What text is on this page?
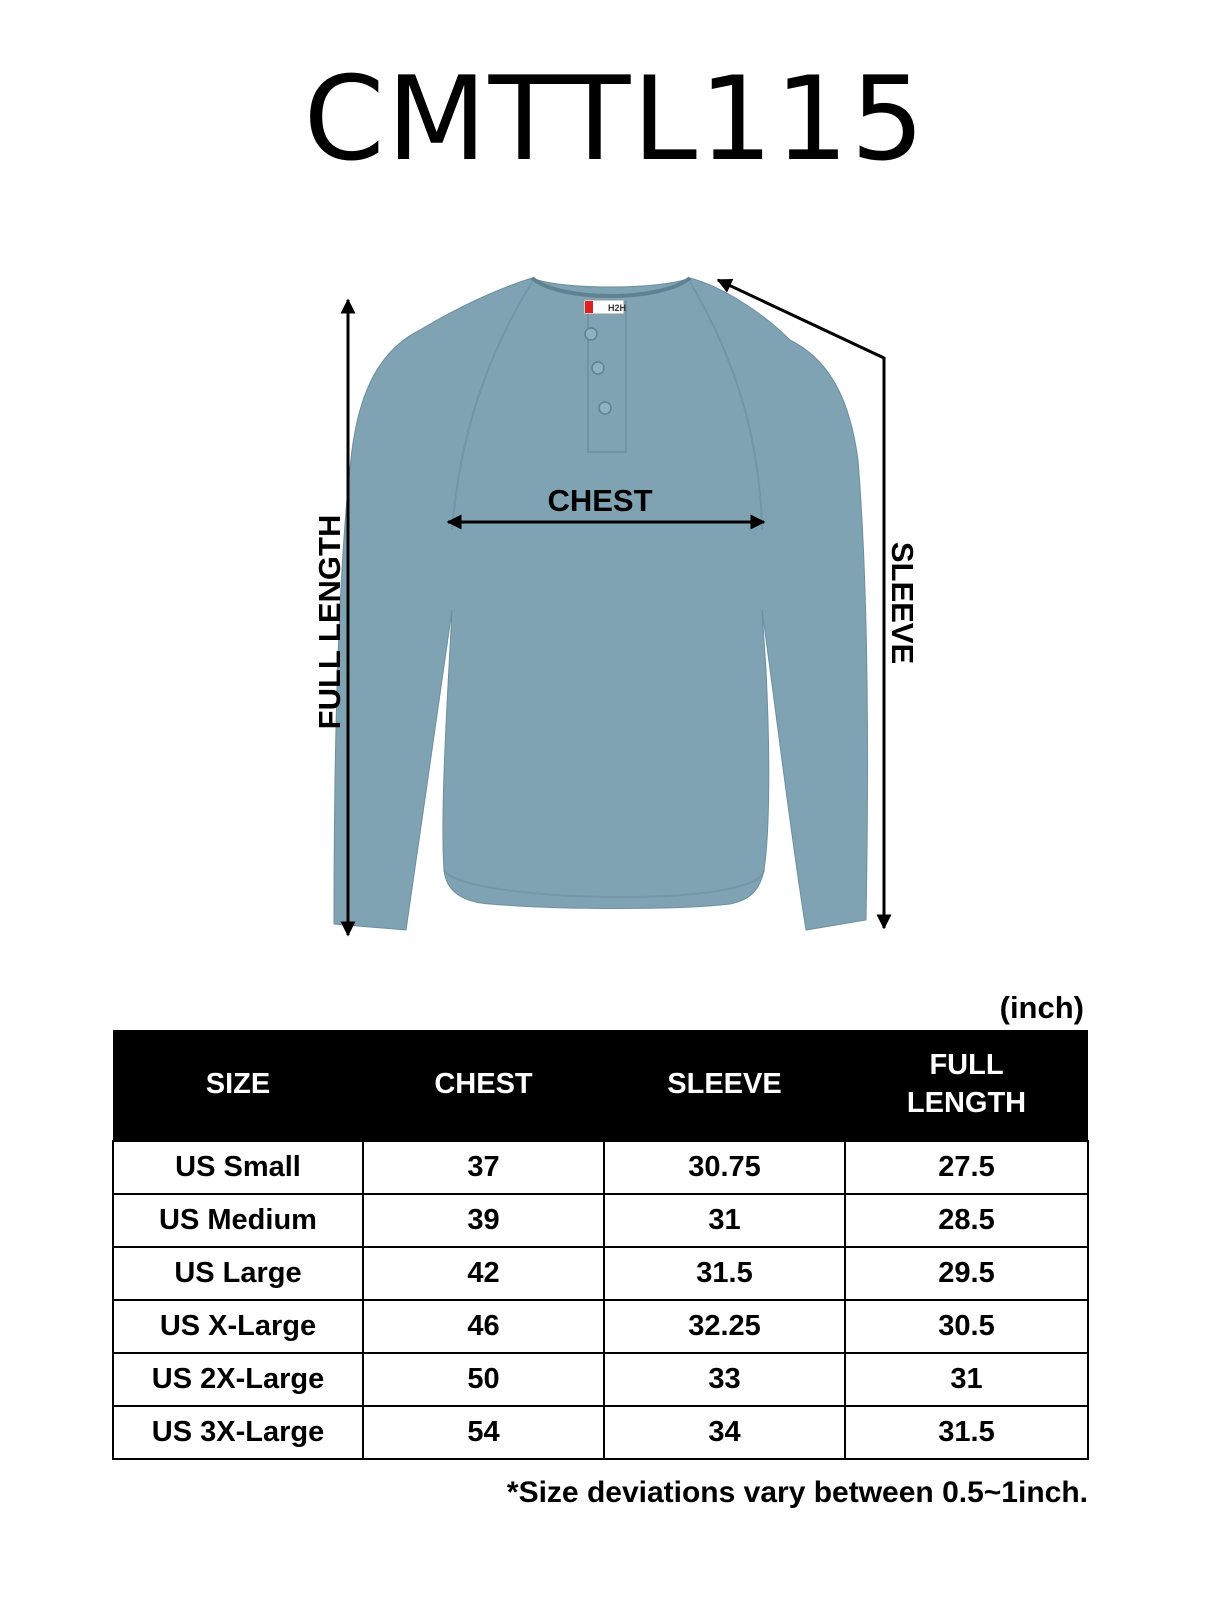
CMTTL115
H2H
CHEST
FULL LENGTH	SLEEVE
(inch)
SIZE	CHEST	SLEEVE	FULL LENGTH

US Small	37	30.75	27.5
US Medium	39	31	28.5
US Large	42	31.5	29.5
US X-Large	46	32.25	30.5
US 2X-Large	50	33	31
US 3X-Large	54	34	31.5
*Size deviations vary between 0.5~1inch.
